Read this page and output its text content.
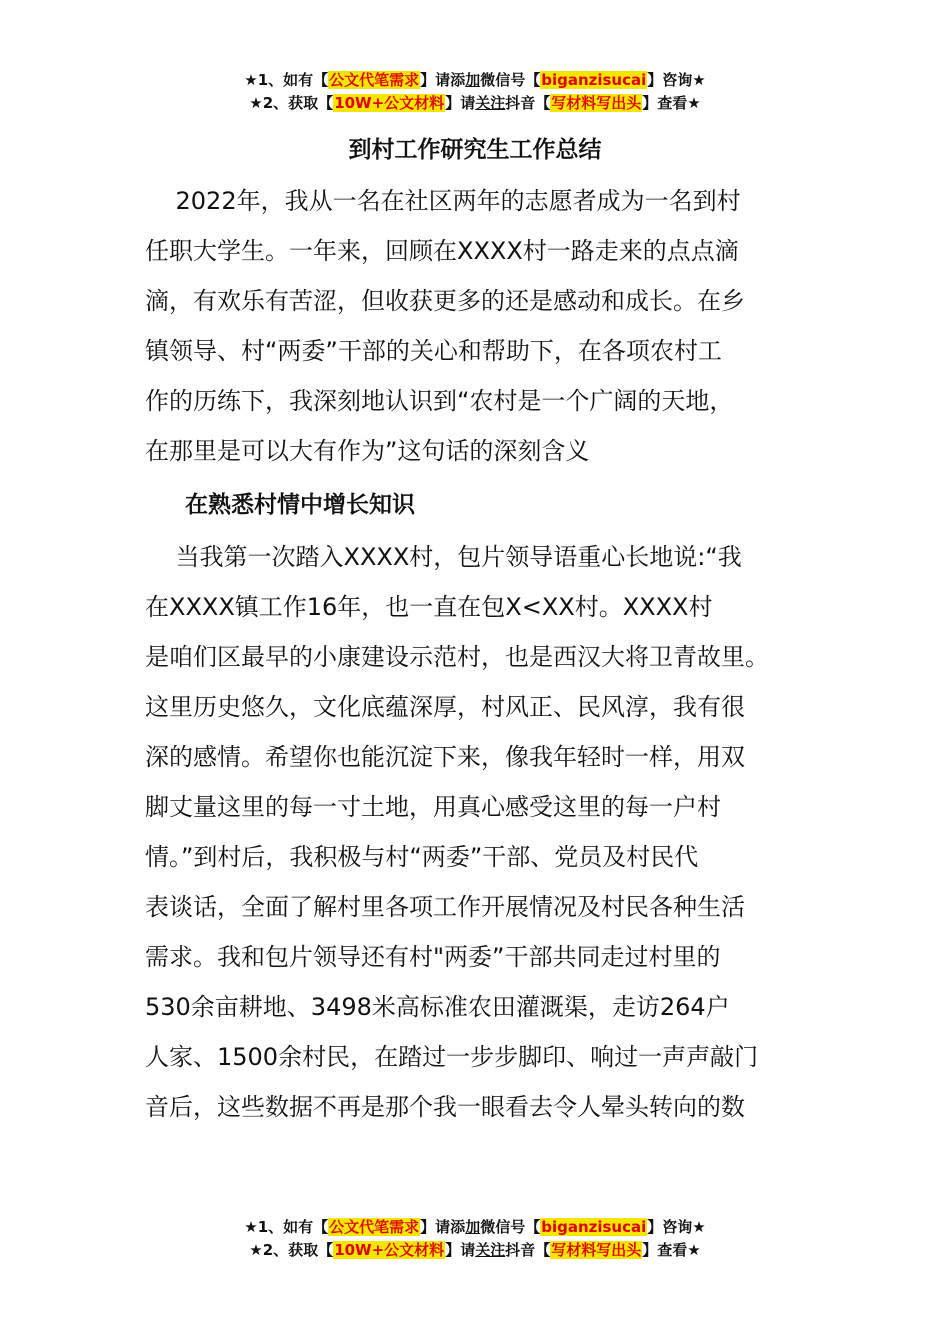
★1、如有【公文代笔需求】请添加微信号【biganzisucai】咨询★
★2、获取【10W+公文材料】请关注抖音【写材料写出头】查看★
到村工作研究生工作总结
2022年，我从一名在社区两年的志愿者成为一名到村
任职大学生。一年来，回顾在XXXX村一路走来的点点滴
滴，有欢乐有苦涩，但收获更多的还是感动和成长。在乡
镇领导、村“两委”干部的关心和帮助下，在各项农村工
作的历练下，我深刻地认识到“农村是一个广阔的天地，
在那里是可以大有作为”这句话的深刻含义
在熟悉村情中增长知识
当我第一次踏入XXXX村，包片领导语重心长地说:“我
在XXXX镇工作16年，也一直在包X<XX村。XXXX村
是咱们区最早的小康建设示范村，也是西汉大将卫青故里。
这里历史悠久，文化底蕴深厚，村风正、民风淳，我有很
深的感情。希望你也能沉淀下来，像我年轻时一样，用双
脚丈量这里的每一寸土地，用真心感受这里的每一户村
情。”到村后，我积极与村“两委”干部、党员及村民代
表谈话，全面了解村里各项工作开展情况及村民各种生活
需求。我和包片领导还有村"两委”干部共同走过村里的
530余亩耕地、3498米高标准农田灌溉渠，走访264户
人家、1500余村民，在踏过一步步脚印、响过一声声敲门
音后，这些数据不再是那个我一眼看去令人晕头转向的数
★1、如有【公文代笔需求】请添加微信号【biganzisucai】咨询★
★2、获取【10W+公文材料】请关注抖音【写材料写出头】查看★
